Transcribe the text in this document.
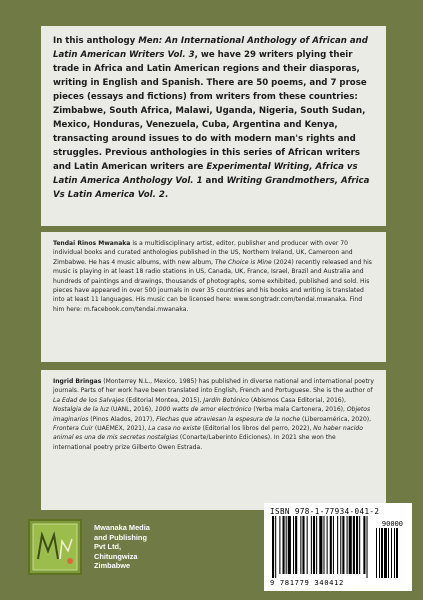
In this anthology Men: An International Anthology of African and Latin American Writers Vol. 3, we have 29 writers plying their trade in Africa and Latin American regions and their diasporas, writing in English and Spanish. There are 50 poems, and 7 prose pieces (essays and fictions) from writers from these countries: Zimbabwe, South Africa, Malawi, Uganda, Nigeria, South Sudan, Mexico, Honduras, Venezuela, Cuba, Argentina and Kenya, transacting around issues to do with modern man's rights and struggles. Previous anthologies in this series of African writers and Latin American writers are Experimental Writing, Africa vs Latin America Anthology Vol. 1 and Writing Grandmothers, Africa Vs Latin America Vol. 2.

Tendai Rinos Mwanaka is a multidisciplinary artist, editor, publisher and producer with over 70 individual books and curated anthologies published in the US, Northern Ireland, UK, Cameroon and Zimbabwe. He has 4 music albums, with new album, The Choice is Mine (2024) recently released and his music is playing in at least 18 radio stations in US, Canada, UK, France, Israel, Brazil and Australia and hundreds of paintings and drawings, thousands of photographs, some exhibited, published and sold. His pieces have appeared in over 500 journals in over 35 countries and his books and writing is translated into at least 11 languages. His music can be licensed here: www.songtradr.com/tendai.mwanaka. Find him here: m.facebook.com/tendai.mwanaka.

Ingrid Bringas (Monterrey N.L., Mexico, 1985) has published in diverse national and international poetry journals. Parts of her work have been translated into English, French and Portuguese. She is the author of La Edad de los Salvajes (Editorial Montea, 2015), Jardín Botónico (Abismos Casa Editorial, 2016), Nostalgia de la luz (UANL, 2016), 1000 watts de amor electrónico (Yerba mala Cartonera, 2016), Objetos imaginarios (Pinos Alados, 2017), Flechas que atraviesan la espesura de la noche (Liberoamérica, 2020), Frontera Cuir (UAEMEX, 2021), La casa no existe (Editorial los libros del perro, 2022), No haber nacido animal es una de mis secretas nostalgias (Conarte/Laberinto Ediciones). In 2021 she won the international poetry prize Gilberto Owen Estrada.

Mwanaka Media
and Publishing
Pvt Ltd,
Chitungwiza
Zimbabwe
ISBN 978-1-77934-041-2
90000
9 781779 340412
